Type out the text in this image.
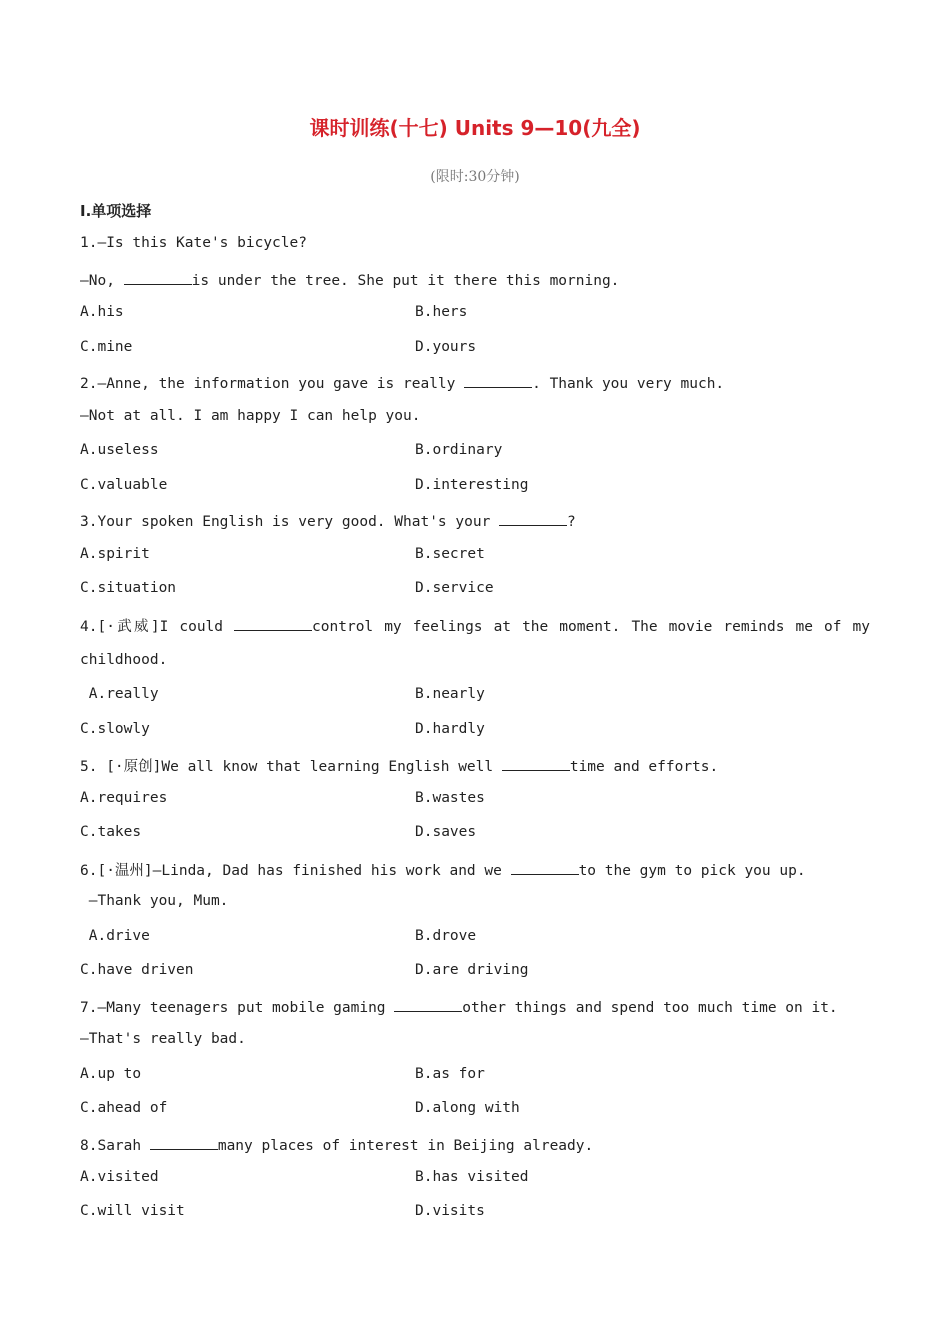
课时训练(十七) Units 9—10(九全)
(限时:30分钟)
Ⅰ.单项选择
1.—Is this Kate's bicycle?
—No,	is under the tree. She put it there this morning.
A.his	B.hers
C.mine	D.yours
2.—Anne, the information you gave is really	. Thank you very much.
—Not at all. I am happy I can help you.
A.useless	B.ordinary
C.valuable	D.interesting
3.Your spoken English is very good. What's your	?
A.spirit	B.secret
C.situation	D.service
4.[·武威]I could	control my feelings at the moment. The movie reminds me of my
childhood.
A.really	B.nearly
C.slowly	D.hardly
5. [·原创]We all know that learning English well	time and efforts.
A.requires	B.wastes
C.takes	D.saves
6.[·温州]—Linda, Dad has finished his work and we	to the gym to pick you up.
—Thank you, Mum.
A.drive	B.drove
C.have driven	D.are driving
7.—Many teenagers put mobile gaming	other things and spend too much time on it.
—That's really bad.
A.up to	B.as for
C.ahead of	D.along with
8.Sarah	many places of interest in Beijing already.
A.visited	B.has visited
C.will visit	D.visits
